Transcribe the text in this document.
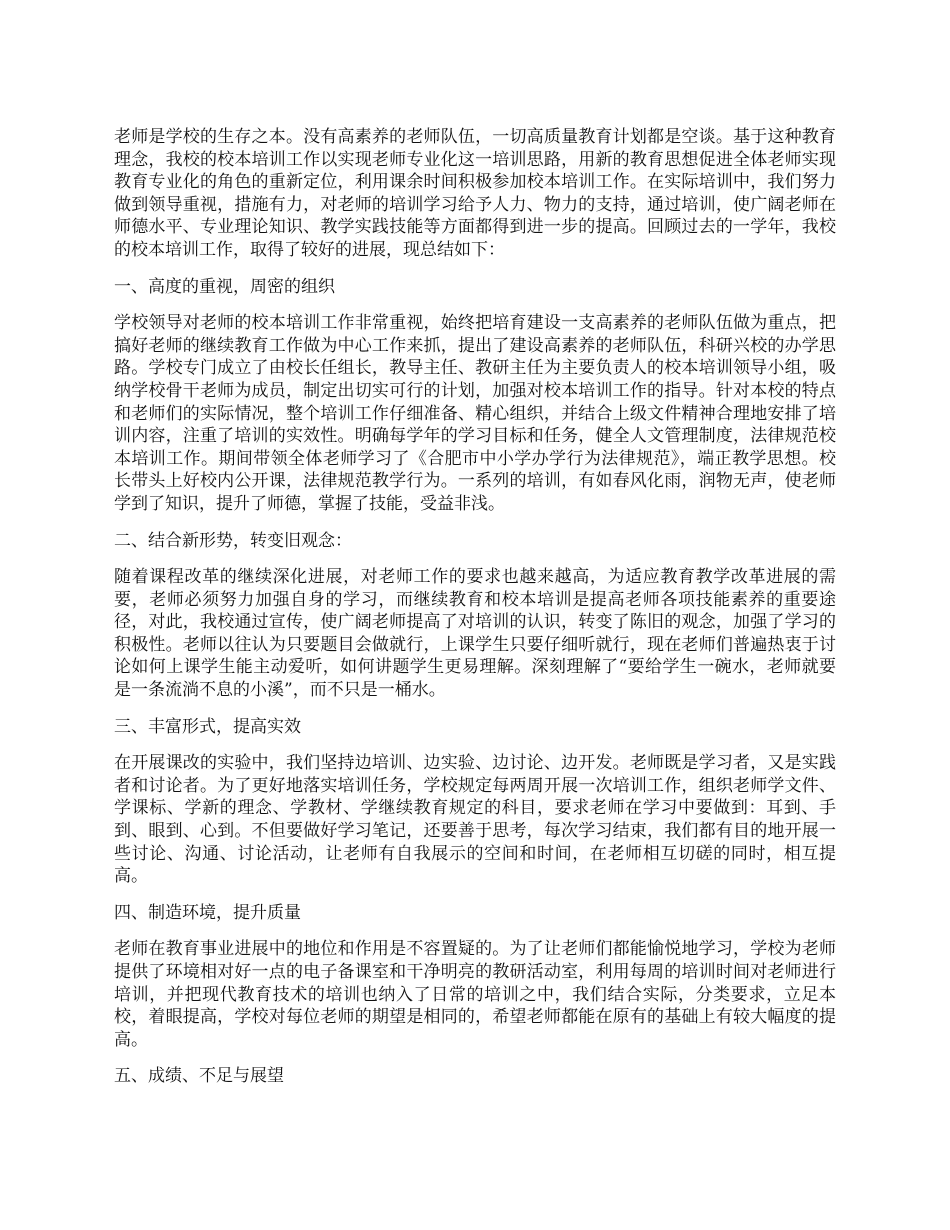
老师是学校的生存之本。没有高素养的老师队伍，一切高质量教育计划都是空谈。基于这种教育理念，我校的校本培训工作以实现老师专业化这一培训思路，用新的教育思想促进全体老师实现教育专业化的角色的重新定位，利用课余时间积极参加校本培训工作。在实际培训中，我们努力做到领导重视，措施有力，对老师的培训学习给予人力、物力的支持，通过培训，使广阔老师在师德水平、专业理论知识、教学实践技能等方面都得到进一步的提高。回顾过去的一学年，我校的校本培训工作，取得了较好的进展，现总结如下：

一、高度的重视，周密的组织

学校领导对老师的校本培训工作非常重视，始终把培育建设一支高素养的老师队伍做为重点，把搞好老师的继续教育工作做为中心工作来抓，提出了建设高素养的老师队伍，科研兴校的办学思路。学校专门成立了由校长任组长，教导主任、教研主任为主要负责人的校本培训领导小组，吸纳学校骨干老师为成员，制定出切实可行的计划，加强对校本培训工作的指导。针对本校的特点和老师们的实际情况，整个培训工作仔细准备、精心组织，并结合上级文件精神合理地安排了培训内容，注重了培训的实效性。明确每学年的学习目标和任务，健全人文管理制度，法律规范校本培训工作。期间带领全体老师学习了《合肥市中小学办学行为法律规范》，端正教学思想。校长带头上好校内公开课，法律规范教学行为。一系列的培训，有如春风化雨，润物无声，使老师学到了知识，提升了师德，掌握了技能，受益非浅。

二、结合新形势，转变旧观念：

随着课程改革的继续深化进展，对老师工作的要求也越来越高，为适应教育教学改革进展的需要，老师必须努力加强自身的学习，而继续教育和校本培训是提高老师各项技能素养的重要途径，对此，我校通过宣传，使广阔老师提高了对培训的认识，转变了陈旧的观念，加强了学习的积极性。老师以往认为只要题目会做就行，上课学生只要仔细听就行，现在老师们普遍热衷于讨论如何上课学生能主动爱听，如何讲题学生更易理解。深刻理解了“要给学生一碗水，老师就要是一条流淌不息的小溪”，而不只是一桶水。

三、丰富形式，提高实效

在开展课改的实验中，我们坚持边培训、边实验、边讨论、边开发。老师既是学习者，又是实践者和讨论者。为了更好地落实培训任务，学校规定每两周开展一次培训工作，组织老师学文件、学课标、学新的理念、学教材、学继续教育规定的科目，要求老师在学习中要做到：耳到、手到、眼到、心到。不但要做好学习笔记，还要善于思考，每次学习结束，我们都有目的地开展一些讨论、沟通、讨论活动，让老师有自我展示的空间和时间，在老师相互切磋的同时，相互提高。

四、制造环境，提升质量

老师在教育事业进展中的地位和作用是不容置疑的。为了让老师们都能愉悦地学习，学校为老师提供了环境相对好一点的电子备课室和干净明亮的教研活动室，利用每周的培训时间对老师进行培训，并把现代教育技术的培训也纳入了日常的培训之中，我们结合实际，分类要求，立足本校，着眼提高，学校对每位老师的期望是相同的，希望老师都能在原有的基础上有较大幅度的提高。

五、成绩、不足与展望
